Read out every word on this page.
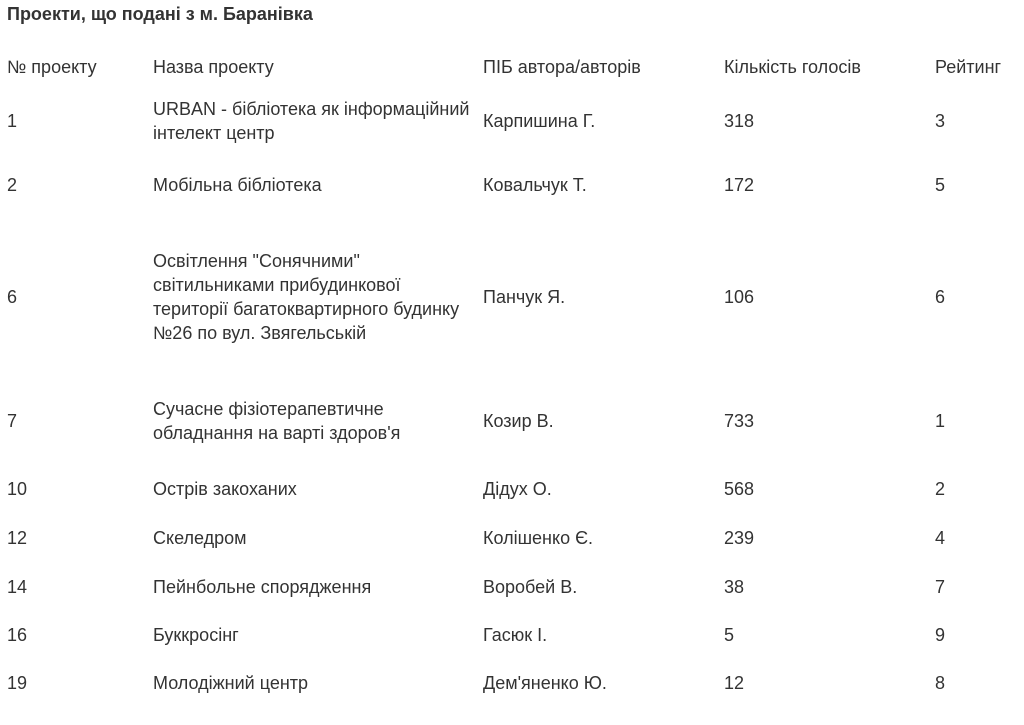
Проекти, що подані з м. Баранівка
№ проекту	Назва проекту	ПІБ автора/авторів	Кількість голосів	Рейтинг
1	URBAN - бібліотека як інформаційний інтелект центр	Карпишина Г.	318	3
2	Мобільна бібліотека	Ковальчук Т.	172	5
6	Освітлення "Сонячними" світильниками прибудинкової території багатоквартирного будинку №26 по вул. Звягельській	Панчук Я.	106	6
7	Сучасне фізіотерапевтичне обладнання на варті здоров'я	Козир В.	733	1
10	Острів закоханих	Дідух О.	568	2
12	Скеледром	Колішенко Є.	239	4
14	Пейнбольне спорядження	Воробей В.	38	7
16	Буккросінг	Гасюк І.	5	9
19	Молодіжний центр	Дем'яненко Ю.	12	8
